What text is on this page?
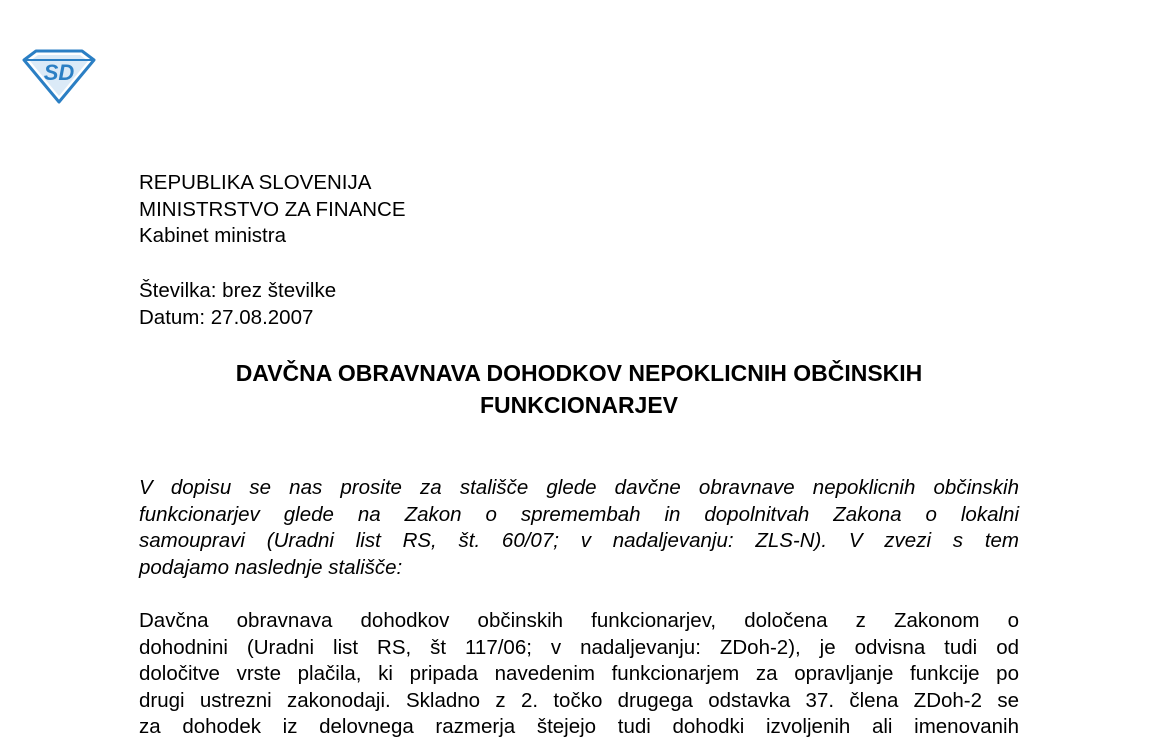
SD
REPUBLIKA SLOVENIJA
MINISTRSTVO ZA FINANCE
Kabinet ministra
Številka: brez številke
Datum: 27.08.2007
DAVČNA OBRAVNAVA DOHODKOV NEPOKLICNIH OBČINSKIH
FUNKCIONARJEV
V dopisu se nas prosite za stališče glede davčne obravnave nepoklicnih občinskih
funkcionarjev glede na Zakon o spremembah in dopolnitvah Zakona o lokalni
samoupravi (Uradni list RS, št. 60/07; v nadaljevanju: ZLS-N). V zvezi s tem
podajamo naslednje stališče:
Davčna obravnava dohodkov občinskih funkcionarjev, določena z Zakonom o
dohodnini (Uradni list RS, št 117/06; v nadaljevanju: ZDoh-2), je odvisna tudi od
določitve vrste plačila, ki pripada navedenim funkcionarjem za opravljanje funkcije po
drugi ustrezni zakonodaji. Skladno z 2. točko drugega odstavka 37. člena ZDoh-2 se
za dohodek iz delovnega razmerja štejejo tudi dohodki izvoljenih ali imenovanih
